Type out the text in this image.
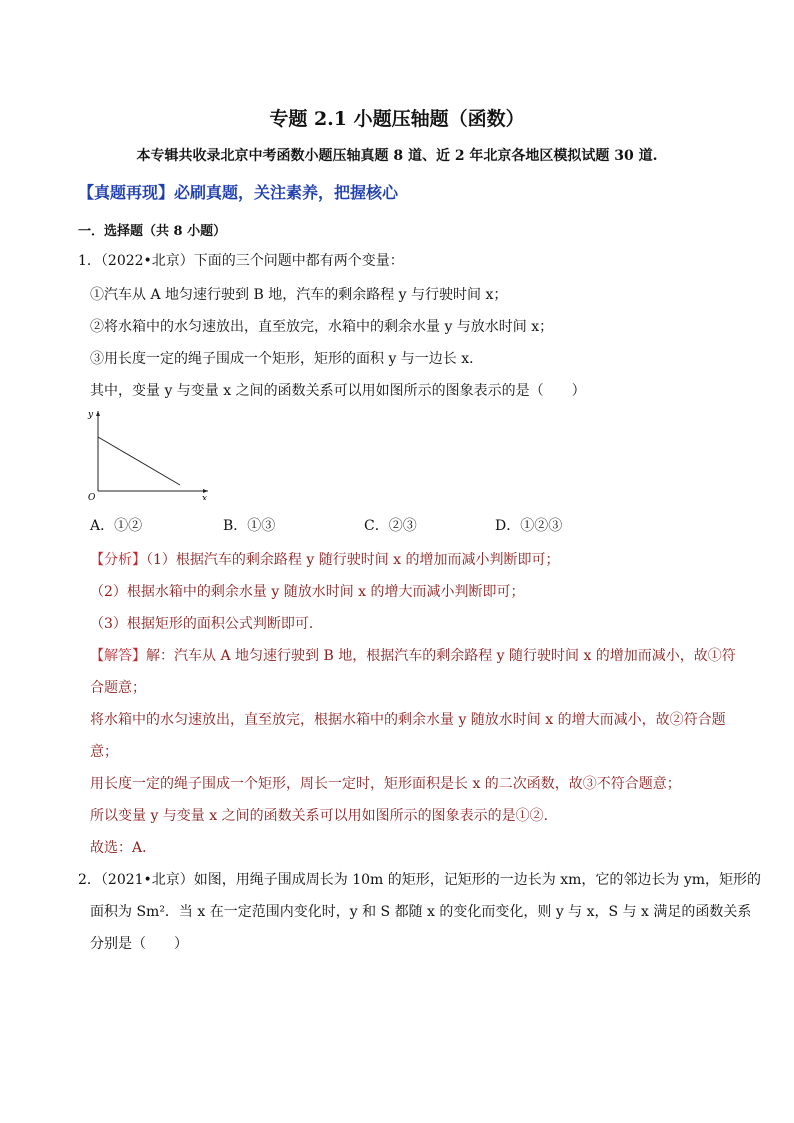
专题 2.1 小题压轴题（函数）
本专辑共收录北京中考函数小题压轴真题 8 道、近 2 年北京各地区模拟试题 30 道.
【真题再现】必刷真题，关注素养，把握核心
一．选择题（共 8 小题）
1．（2022•北京）下面的三个问题中都有两个变量：
①汽车从 A 地匀速行驶到 B 地，汽车的剩余路程 y 与行驶时间 x；
②将水箱中的水匀速放出，直至放完，水箱中的剩余水量 y 与放水时间 x；
③用长度一定的绳子围成一个矩形，矩形的面积 y 与一边长 x．
其中，变量 y 与变量 x 之间的函数关系可以用如图所示的图象表示的是（　　）
y
x
O
A．①②	B．①③	C．②③	D．①②③
【分析】（1）根据汽车的剩余路程 y 随行驶时间 x 的增加而减小判断即可；
（2）根据水箱中的剩余水量 y 随放水时间 x 的增大而减小判断即可；
（3）根据矩形的面积公式判断即可．
【解答】解：汽车从 A 地匀速行驶到 B 地，根据汽车的剩余路程 y 随行驶时间 x 的增加而减小，故①符
合题意；
将水箱中的水匀速放出，直至放完，根据水箱中的剩余水量 y 随放水时间 x 的增大而减小，故②符合题
意；
用长度一定的绳子围成一个矩形，周长一定时，矩形面积是长 x 的二次函数，故③不符合题意；
所以变量 y 与变量 x 之间的函数关系可以用如图所示的图象表示的是①②．
故选：A．
2．（2021•北京）如图，用绳子围成周长为 10m 的矩形，记矩形的一边长为 xm，它的邻边长为 ym，矩形的
面积为 Sm²．当 x 在一定范围内变化时，y 和 S 都随 x 的变化而变化，则 y 与 x，S 与 x 满足的函数关系
分别是（　　）
